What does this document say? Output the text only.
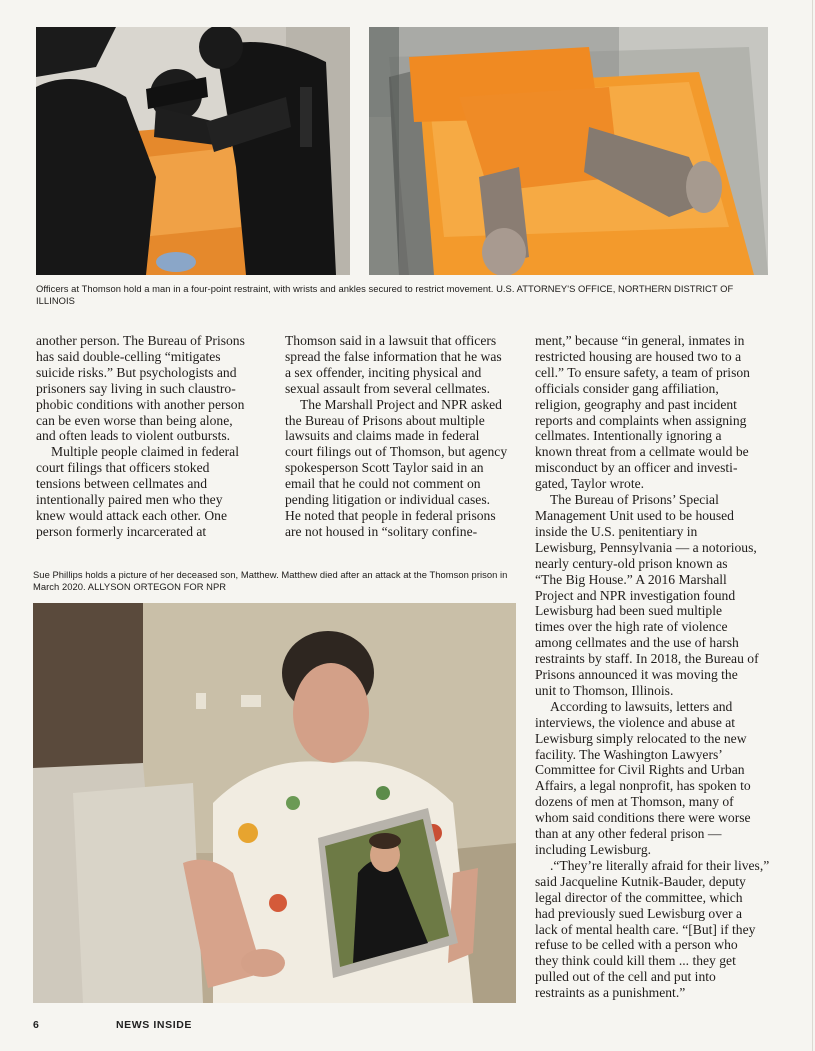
Officers at Thomson hold a man in a four-point restraint, with wrists and ankles secured to restrict movement. U.S. ATTORNEY'S OFFICE, NORTHERN DISTRICT OF ILLINOIS

another person. The Bureau of Prisons
has said double-celling “mitigates
suicide risks.” But psychologists and
prisoners say living in such claustro-
phobic conditions with another person
can be even worse than being alone,
and often leads to violent outbursts.

Multiple people claimed in federal
court filings that officers stoked
tensions between cellmates and
intentionally paired men who they
knew would attack each other. One
person formerly incarcerated at

Thomson said in a lawsuit that officers
spread the false information that he was
a sex offender, inciting physical and
sexual assault from several cellmates.

The Marshall Project and NPR asked
the Bureau of Prisons about multiple
lawsuits and claims made in federal
court filings out of Thomson, but agency
spokesperson Scott Taylor said in an
email that he could not comment on
pending litigation or individual cases.
He noted that people in federal prisons
are not housed in “solitary confine-

ment,” because “in general, inmates in
restricted housing are housed two to a
cell.” To ensure safety, a team of prison
officials consider gang affiliation,
religion, geography and past incident
reports and complaints when assigning
cellmates. Intentionally ignoring a
known threat from a cellmate would be
misconduct by an officer and investi-
gated, Taylor wrote.

The Bureau of Prisons’ Special
Management Unit used to be housed
inside the U.S. penitentiary in
Lewisburg, Pennsylvania — a notorious,
nearly century-old prison known as
“The Big House.” A 2016 Marshall
Project and NPR investigation found
Lewisburg had been sued multiple
times over the high rate of violence
among cellmates and the use of harsh
restraints by staff. In 2018, the Bureau of
Prisons announced it was moving the
unit to Thomson, Illinois.

According to lawsuits, letters and
interviews, the violence and abuse at
Lewisburg simply relocated to the new
facility. The Washington Lawyers’
Committee for Civil Rights and Urban
Affairs, a legal nonprofit, has spoken to
dozens of men at Thomson, many of
whom said conditions there were worse
than at any other federal prison —
including Lewisburg.

.“They’re literally afraid for their lives,”
said Jacqueline Kutnik-Bauder, deputy
legal director of the committee, which
had previously sued Lewisburg over a
lack of mental health care. “[But] if they
refuse to be celled with a person who
they think could kill them ... they get
pulled out of the cell and put into
restraints as a punishment.”

Sue Phillips holds a picture of her deceased son, Matthew. Matthew died after an attack at the Thomson prison in March 2020. ALLYSON ORTEGON FOR NPR
6	NEWS INSIDE
